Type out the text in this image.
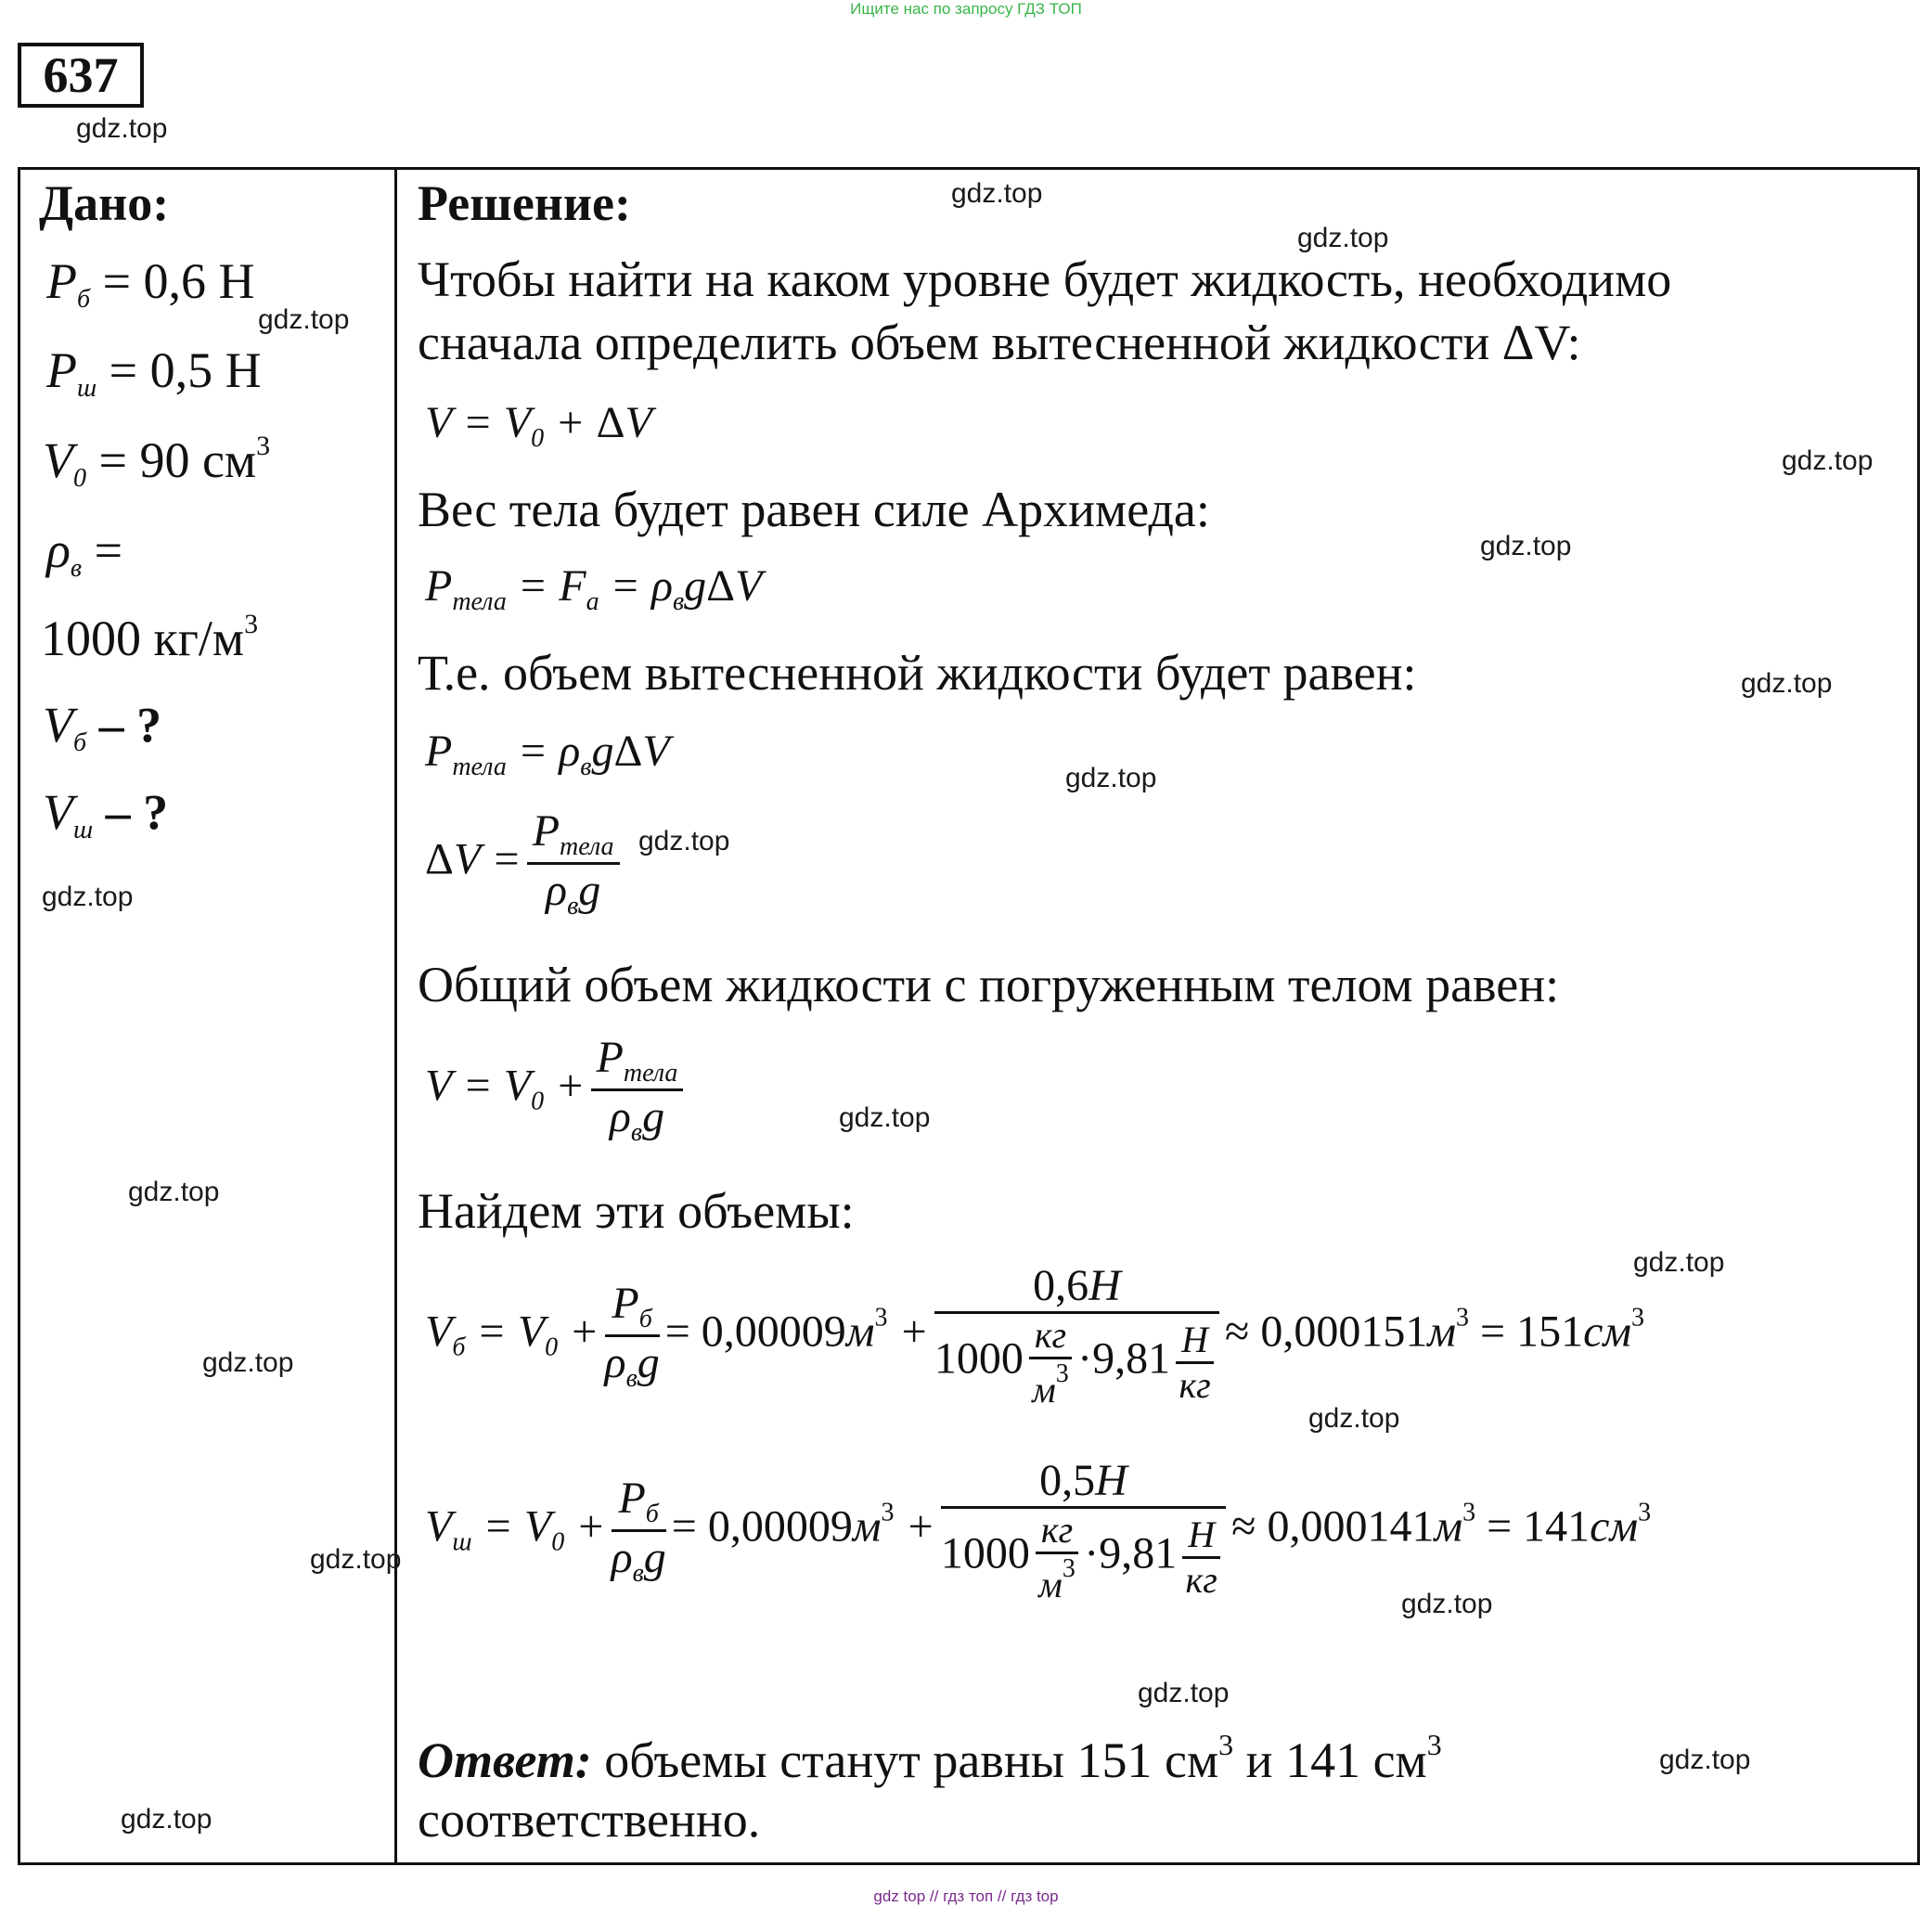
Ищите нас по запросу ГДЗ ТОП
637
gdz.top
Дано:
$P_б = 0,6$ Н
$P_ш = 0,5$ Н
$V_0 = 90$ $см^3$
$\rho_в$ =
1000 $кг/м^3$
$V_б$ – ?
$V_ш$ – ?
Решение:
Чтобы найти на каком уровне будет жидкость, необходимо
сначала определить объем вытесненной жидкости ΔV:
$V = V_0 + \Delta V$
Вес тела будет равен силе Архимеда:
$P_{тела} = F_a = \rho_вg\Delta V$
Т.е. объем вытесненной жидкости будет равен:
$P_{тела} = \rho_вg\Delta V$
$\Delta V = \frac{P_{тела}}{\rho_вg}$
Общий объем жидкости с погруженным телом равен:
$V = V_0 + \frac{P_{тела}}{\rho_вg}$
Найдем эти объемы:
$V_б = V_0 + \frac{P_б}{\rho_вg} = 0,00009м^3 + \frac{0,6H}{1000 \frac{кг}{м^3} \cdot 9,81 \frac{H}{кг}} \approx 0,000151м^3 = 151см^3$
$V_ш = V_0 + \frac{P_б}{\rho_вg} = 0,00009м^3 + \frac{0,5H}{1000 \frac{кг}{м^3} \cdot 9,81 \frac{H}{кг}} \approx 0,000141м^3 = 141см^3$
Ответ: объемы станут равны 151 $см^3$ и 141 $см^3$
соответственно.
gdz.top
gdz.top
gdz.top
gdz.top
gdz.top
gdz.top
gdz.top
gdz.top
gdz.top
gdz.top
gdz.top
gdz.top
gdz.top
gdz.top
gdz.top
gdz.top
gdz.top
gdz.top
gdz.top
gdz top // гдз топ // гдз top
